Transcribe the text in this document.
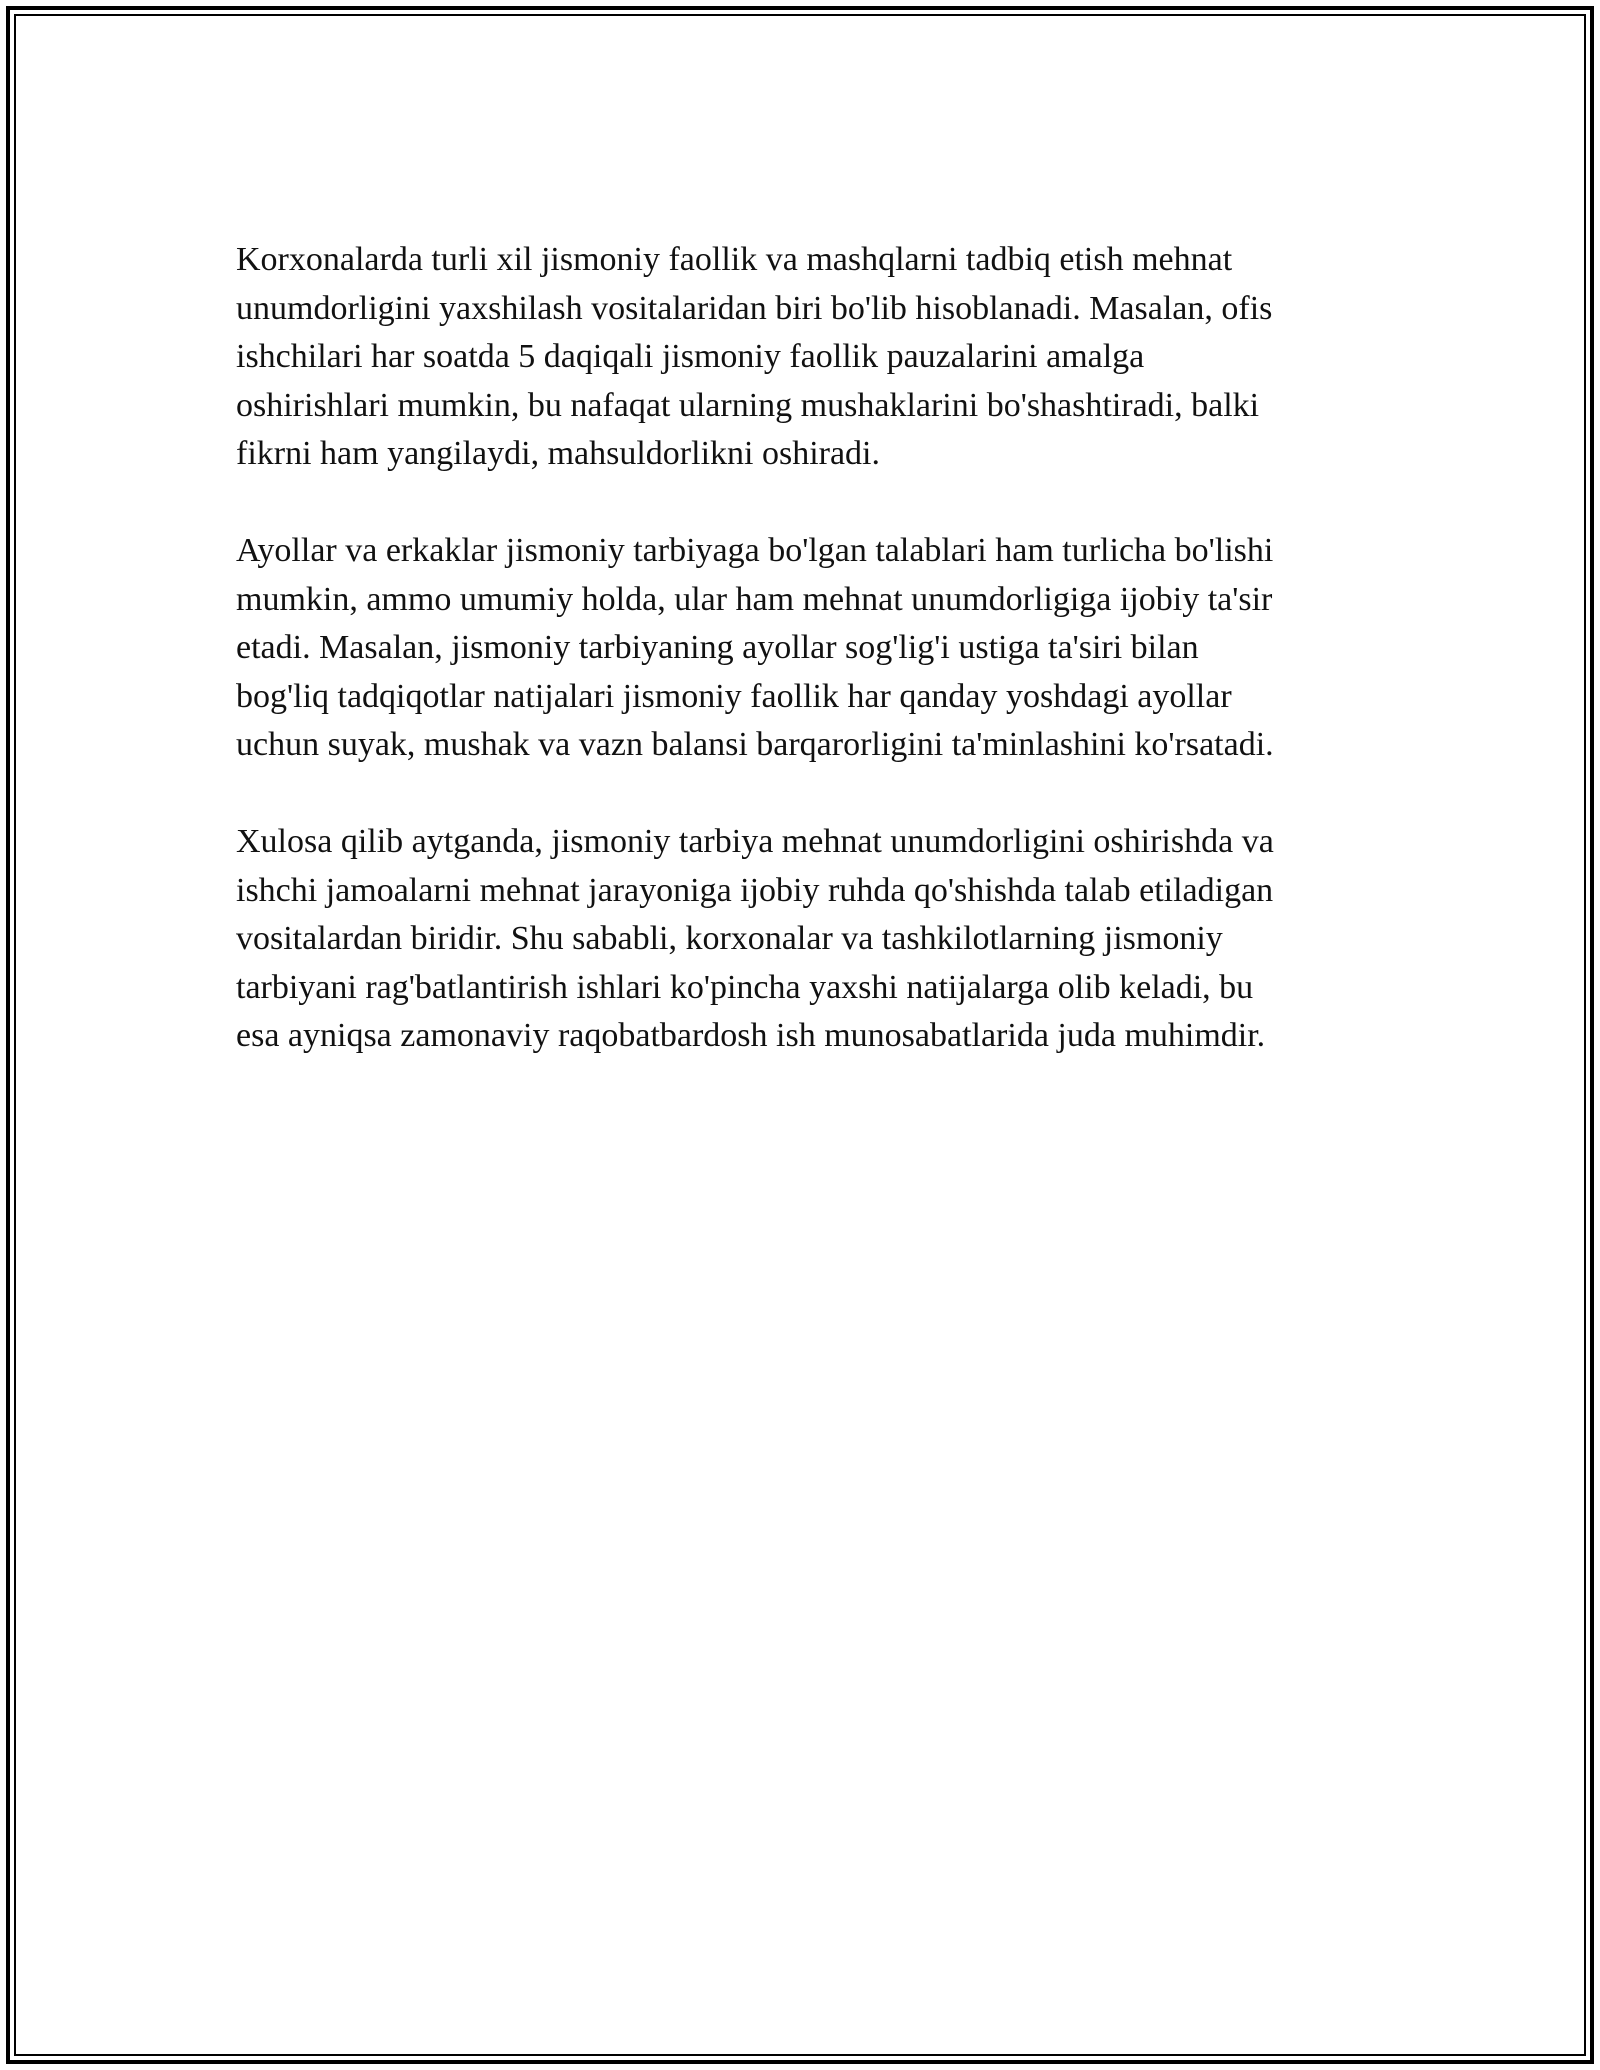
Korxonalarda turli xil jismoniy faollik va mashqlarni tadbiq etish mehnat
unumdorligini yaxshilash vositalaridan biri bo'lib hisoblanadi. Masalan, ofis
ishchilari har soatda 5 daqiqali jismoniy faollik pauzalarini amalga
oshirishlari mumkin, bu nafaqat ularning mushaklarini bo'shashtiradi, balki
fikrni ham yangilaydi, mahsuldorlikni oshiradi.

Ayollar va erkaklar jismoniy tarbiyaga bo'lgan talablari ham turlicha bo'lishi
mumkin, ammo umumiy holda, ular ham mehnat unumdorligiga ijobiy ta'sir
etadi. Masalan, jismoniy tarbiyaning ayollar sog'lig'i ustiga ta'siri bilan
bog'liq tadqiqotlar natijalari jismoniy faollik har qanday yoshdagi ayollar
uchun suyak, mushak va vazn balansi barqarorligini ta'minlashini ko'rsatadi.

Xulosa qilib aytganda, jismoniy tarbiya mehnat unumdorligini oshirishda va
ishchi jamoalarni mehnat jarayoniga ijobiy ruhda qo'shishda talab etiladigan
vositalardan biridir. Shu sababli, korxonalar va tashkilotlarning jismoniy
tarbiyani rag'batlantirish ishlari ko'pincha yaxshi natijalarga olib keladi, bu
esa ayniqsa zamonaviy raqobatbardosh ish munosabatlarida juda muhimdir.
